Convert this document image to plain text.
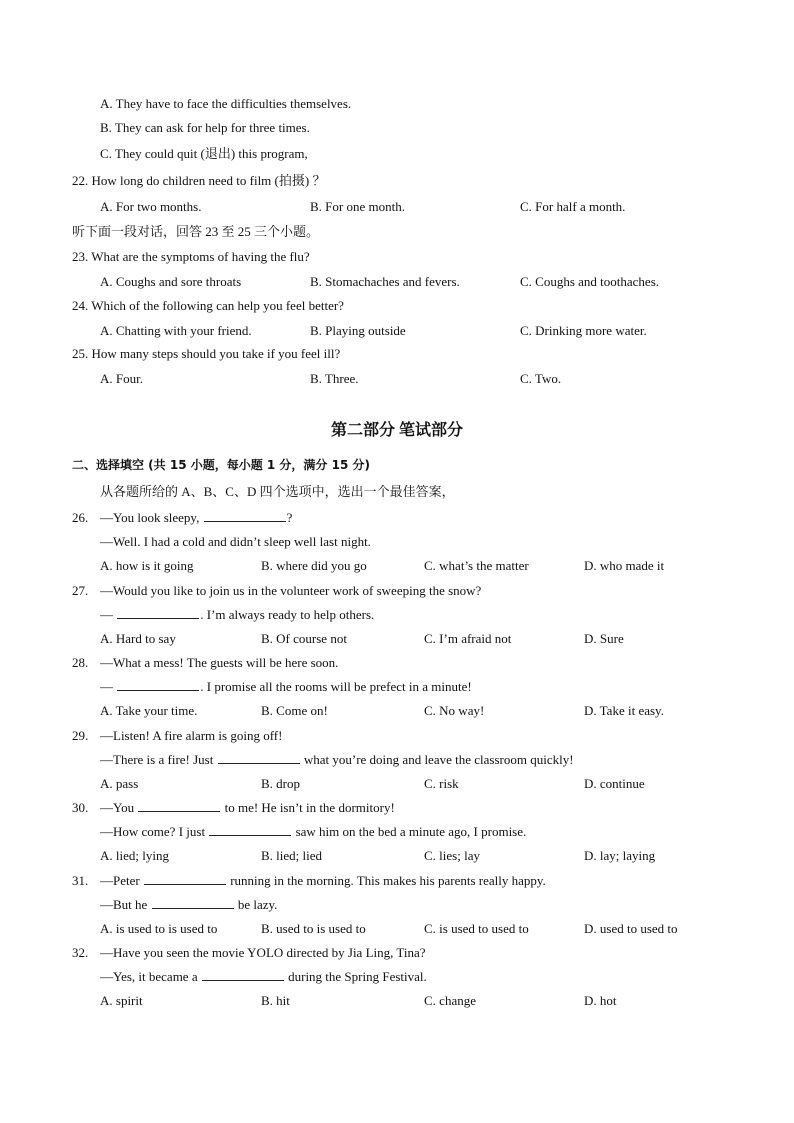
A. They have to face the difficulties themselves.
B. They can ask for help for three times.
C. They could quit (退出) this program,
22. How long do children need to film (拍摄) ？
A. For two months.	B. For one month.	C. For half a month.
听下面一段对话，回答 23 至 25 三个小题。
23. What are the symptoms of having the flu?
A. Coughs and sore throats	B. Stomachaches and fevers.	C. Coughs and toothaches.
24. Which of the following can help you feel better?
A. Chatting with your friend.	B. Playing outside	C. Drinking more water.
25. How many steps should you take if you feel ill?
A. Four.	B. Three.	C. Two.
第二部分 笔试部分
二、选择填空 (共 15 小题，每小题 1 分，满分 15 分)
从各题所给的 A、B、C、D 四个选项中，选出一个最佳答案，
26. —You look sleepy,	?
—Well. I had a cold and didn’t sleep well last night.
A. how is it going	B. where did you go	C. what’s the matter	D. who made it
27. —Would you like to join us in the volunteer work of sweeping the snow?
—	. I’m always ready to help others.
A. Hard to say	B. Of course not	C. I’m afraid not	D. Sure
28. —What a mess! The guests will be here soon.
—	. I promise all the rooms will be prefect in a minute!
A. Take your time.	B. Come on!	C. No way!	D. Take it easy.
29. —Listen! A fire alarm is going off!
—There is a fire! Just	what you’re doing and leave the classroom quickly!
A. pass	B. drop	C. risk	D. continue
30. —You	to me! He isn’t in the dormitory!
—How come? I just	saw him on the bed a minute ago, I promise.
A. lied; lying	B. lied; lied	C. lies; lay	D. lay; laying
31. —Peter	running in the morning. This makes his parents really happy.
—But he	be lazy.
A. is used to is used to	B. used to is used to	C. is used to used to	D. used to used to
32. —Have you seen the movie YOLO directed by Jia Ling, Tina?
—Yes, it became a	during the Spring Festival.
A. spirit	B. hit	C. change	D. hot
